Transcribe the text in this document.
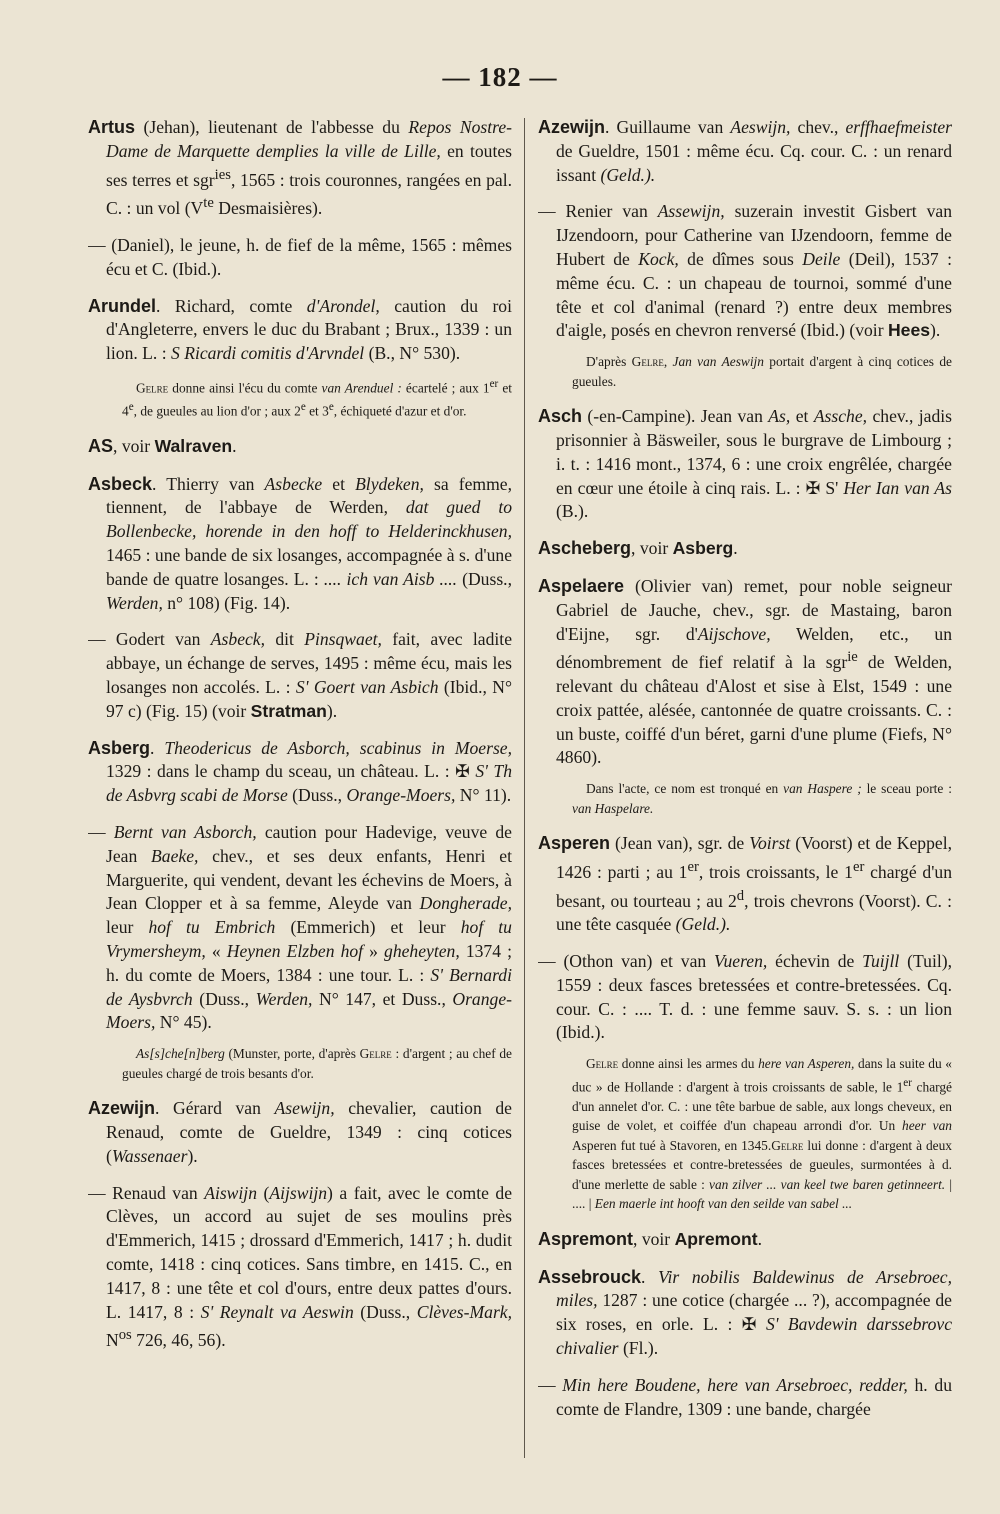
— 182 —

Artus (Jehan), lieutenant de l'abbesse du Repos Nostre-Dame de Marquette demplies la ville de Lille, en toutes ses terres et sgr$^{ies}$, 1565 : trois couronnes, rangées en pal. C. : un vol ($V^{te}$ Desmaisières).

— (Daniel), le jeune, h. de fief de la même, 1565 : mêmes écu et C. (Ibid.).

Arundel. Richard, comte d'Arondel, caution du roi d'Angleterre, envers le duc du Brabant ; Brux., 1339 : un lion. L. : S Ricardi comitis d'Arvndel (B., N° 530).

Gelre donne ainsi l'écu du comte van Arenduel : écartelé ; aux 1er et 4e, de gueules au lion d'or ; aux 2e et 3e, échiqueté d'azur et d'or.

AS, voir Walraven.

Asbeck. Thierry van Asbecke et Blydeken, sa femme, tiennent, de l'abbaye de Werden, dat gued to Bollenbecke, horende in den hoff to Helderinckhusen, 1465 : une bande de six losanges, accompagnée à s. d'une bande de quatre losanges. L. : .... ich van Aisb .... (Duss., Werden, n° 108) (Fig. 14).

— Godert van Asbeck, dit Pinsqwaet, fait, avec ladite abbaye, un échange de serves, 1495 : même écu, mais les losanges non accolés. L. : S' Goert van Asbich (Ibid., N° 97 c) (Fig. 15) (voir Stratman).

Asberg. Theodericus de Asborch, scabinus in Moerse, 1329 : dans le champ du sceau, un château. L. : ✠ S' Th de Asbvrg scabi de Morse (Duss., Orange-Moers, N° 11).

— Bernt van Asborch, caution pour Hadevige, veuve de Jean Baeke, chev., et ses deux enfants, Henri et Marguerite, qui vendent, devant les échevins de Moers, à Jean Clopper et à sa femme, Aleyde van Dongherade, leur hof tu Embrich (Emmerich) et leur hof tu Vrymersheym, « Heynen Elzben hof » gheheyten, 1374 ; h. du comte de Moers, 1384 : une tour. L. : S' Bernardi de Aysbvrch (Duss., Werden, N° 147, et Duss., Orange-Moers, N° 45).

As[s]che[n]berg (Munster, porte, d'après Gelre : d'argent ; au chef de gueules chargé de trois besants d'or.

Azewijn. Gérard van Asewijn, chevalier, caution de Renaud, comte de Gueldre, 1349 : cinq cotices (Wassenaer).

— Renaud van Aiswijn (Aijswijn) a fait, avec le comte de Clèves, un accord au sujet de ses moulins près d'Emmerich, 1415 ; drossard d'Emmerich, 1417 ; h. dudit comte, 1418 : cinq cotices. Sans timbre, en 1415. C., en 1417, 8 : une tête et col d'ours, entre deux pattes d'ours. L. 1417, 8 : S' Reynalt va Aeswin (Duss., Clèves-Mark, $N^{os}$ 726, 46, 56).

Azewijn. Guillaume van Aeswijn, chev., erffhaefmeister de Gueldre, 1501 : même écu. Cq. cour. C. : un renard issant (Geld.).

— Renier van Assewijn, suzerain investit Gisbert van IJzendoorn, pour Catherine van IJzendoorn, femme de Hubert de Kock, de dîmes sous Deile (Deil), 1537 : même écu. C. : un chapeau de tournoi, sommé d'une tête et col d'animal (renard ?) entre deux membres d'aigle, posés en chevron renversé (Ibid.) (voir Hees).

D'après Gelre, Jan van Aeswijn portait d'argent à cinq cotices de gueules.

Asch (-en-Campine). Jean van As, et Assche, chev., jadis prisonnier à Bäsweiler, sous le burgrave de Limbourg ; i. t. : 1416 mont., 1374, 6 : une croix engrêlée, chargée en cœur une étoile à cinq rais. L. : ✠ S' Her Ian van As (B.).

Ascheberg, voir Asberg.

Aspelaere (Olivier van) remet, pour noble seigneur Gabriel de Jauche, chev., sgr. de Mastaing, baron d'Eijne, sgr. d'Aijschove, Welden, etc., un dénombrement de fief relatif à la sgr$^{ie}$ de Welden, relevant du château d'Alost et sise à Elst, 1549 : une croix pattée, alésée, cantonnée de quatre croissants. C. : un buste, coiffé d'un béret, garni d'une plume (Fiefs, N° 4860).

Dans l'acte, ce nom est tronqué en van Haspere ; le sceau porte : van Haspelare.

Asperen (Jean van), sgr. de Voirst (Voorst) et de Keppel, 1426 : parti ; au 1er, trois croissants, le 1er chargé d'un besant, ou tourteau ; au 2$^d$, trois chevrons (Voorst). C. : une tête casquée (Geld.).

— (Othon van) et van Vueren, échevin de Tuijll (Tuil), 1559 : deux fasces bretessées et contre-bretessées. Cq. cour. C. : .... T. d. : une femme sauv. S. s. : un lion (Ibid.).

Gelre donne ainsi les armes du here van Asperen, dans la suite du « duc » de Hollande : d'argent à trois croissants de sable, le 1er chargé d'un annelet d'or. C. : une tête barbue de sable, aux longs cheveux, en guise de volet, et coiffée d'un chapeau arrondi d'or. Un heer van Asperen fut tué à Stavoren, en 1345.Gelre lui donne : d'argent à deux fasces bretessées et contre-bretessées de gueules, surmontées à d. d'une merlette de sable : van zilver ... van keel twe baren getinneert. | .... | Een maerle int hooft van den seilde van sabel ...

Aspremont, voir Apremont.

Assebrouck. Vir nobilis Baldewinus de Arsebroec, miles, 1287 : une cotice (chargée ... ?), accompagnée de six roses, en orle. L. : ✠ S' Bavdewin darssebrovc chivalier (Fl.).

— Min here Boudene, here van Arsebroec, redder, h. du comte de Flandre, 1309 : une bande, chargée
